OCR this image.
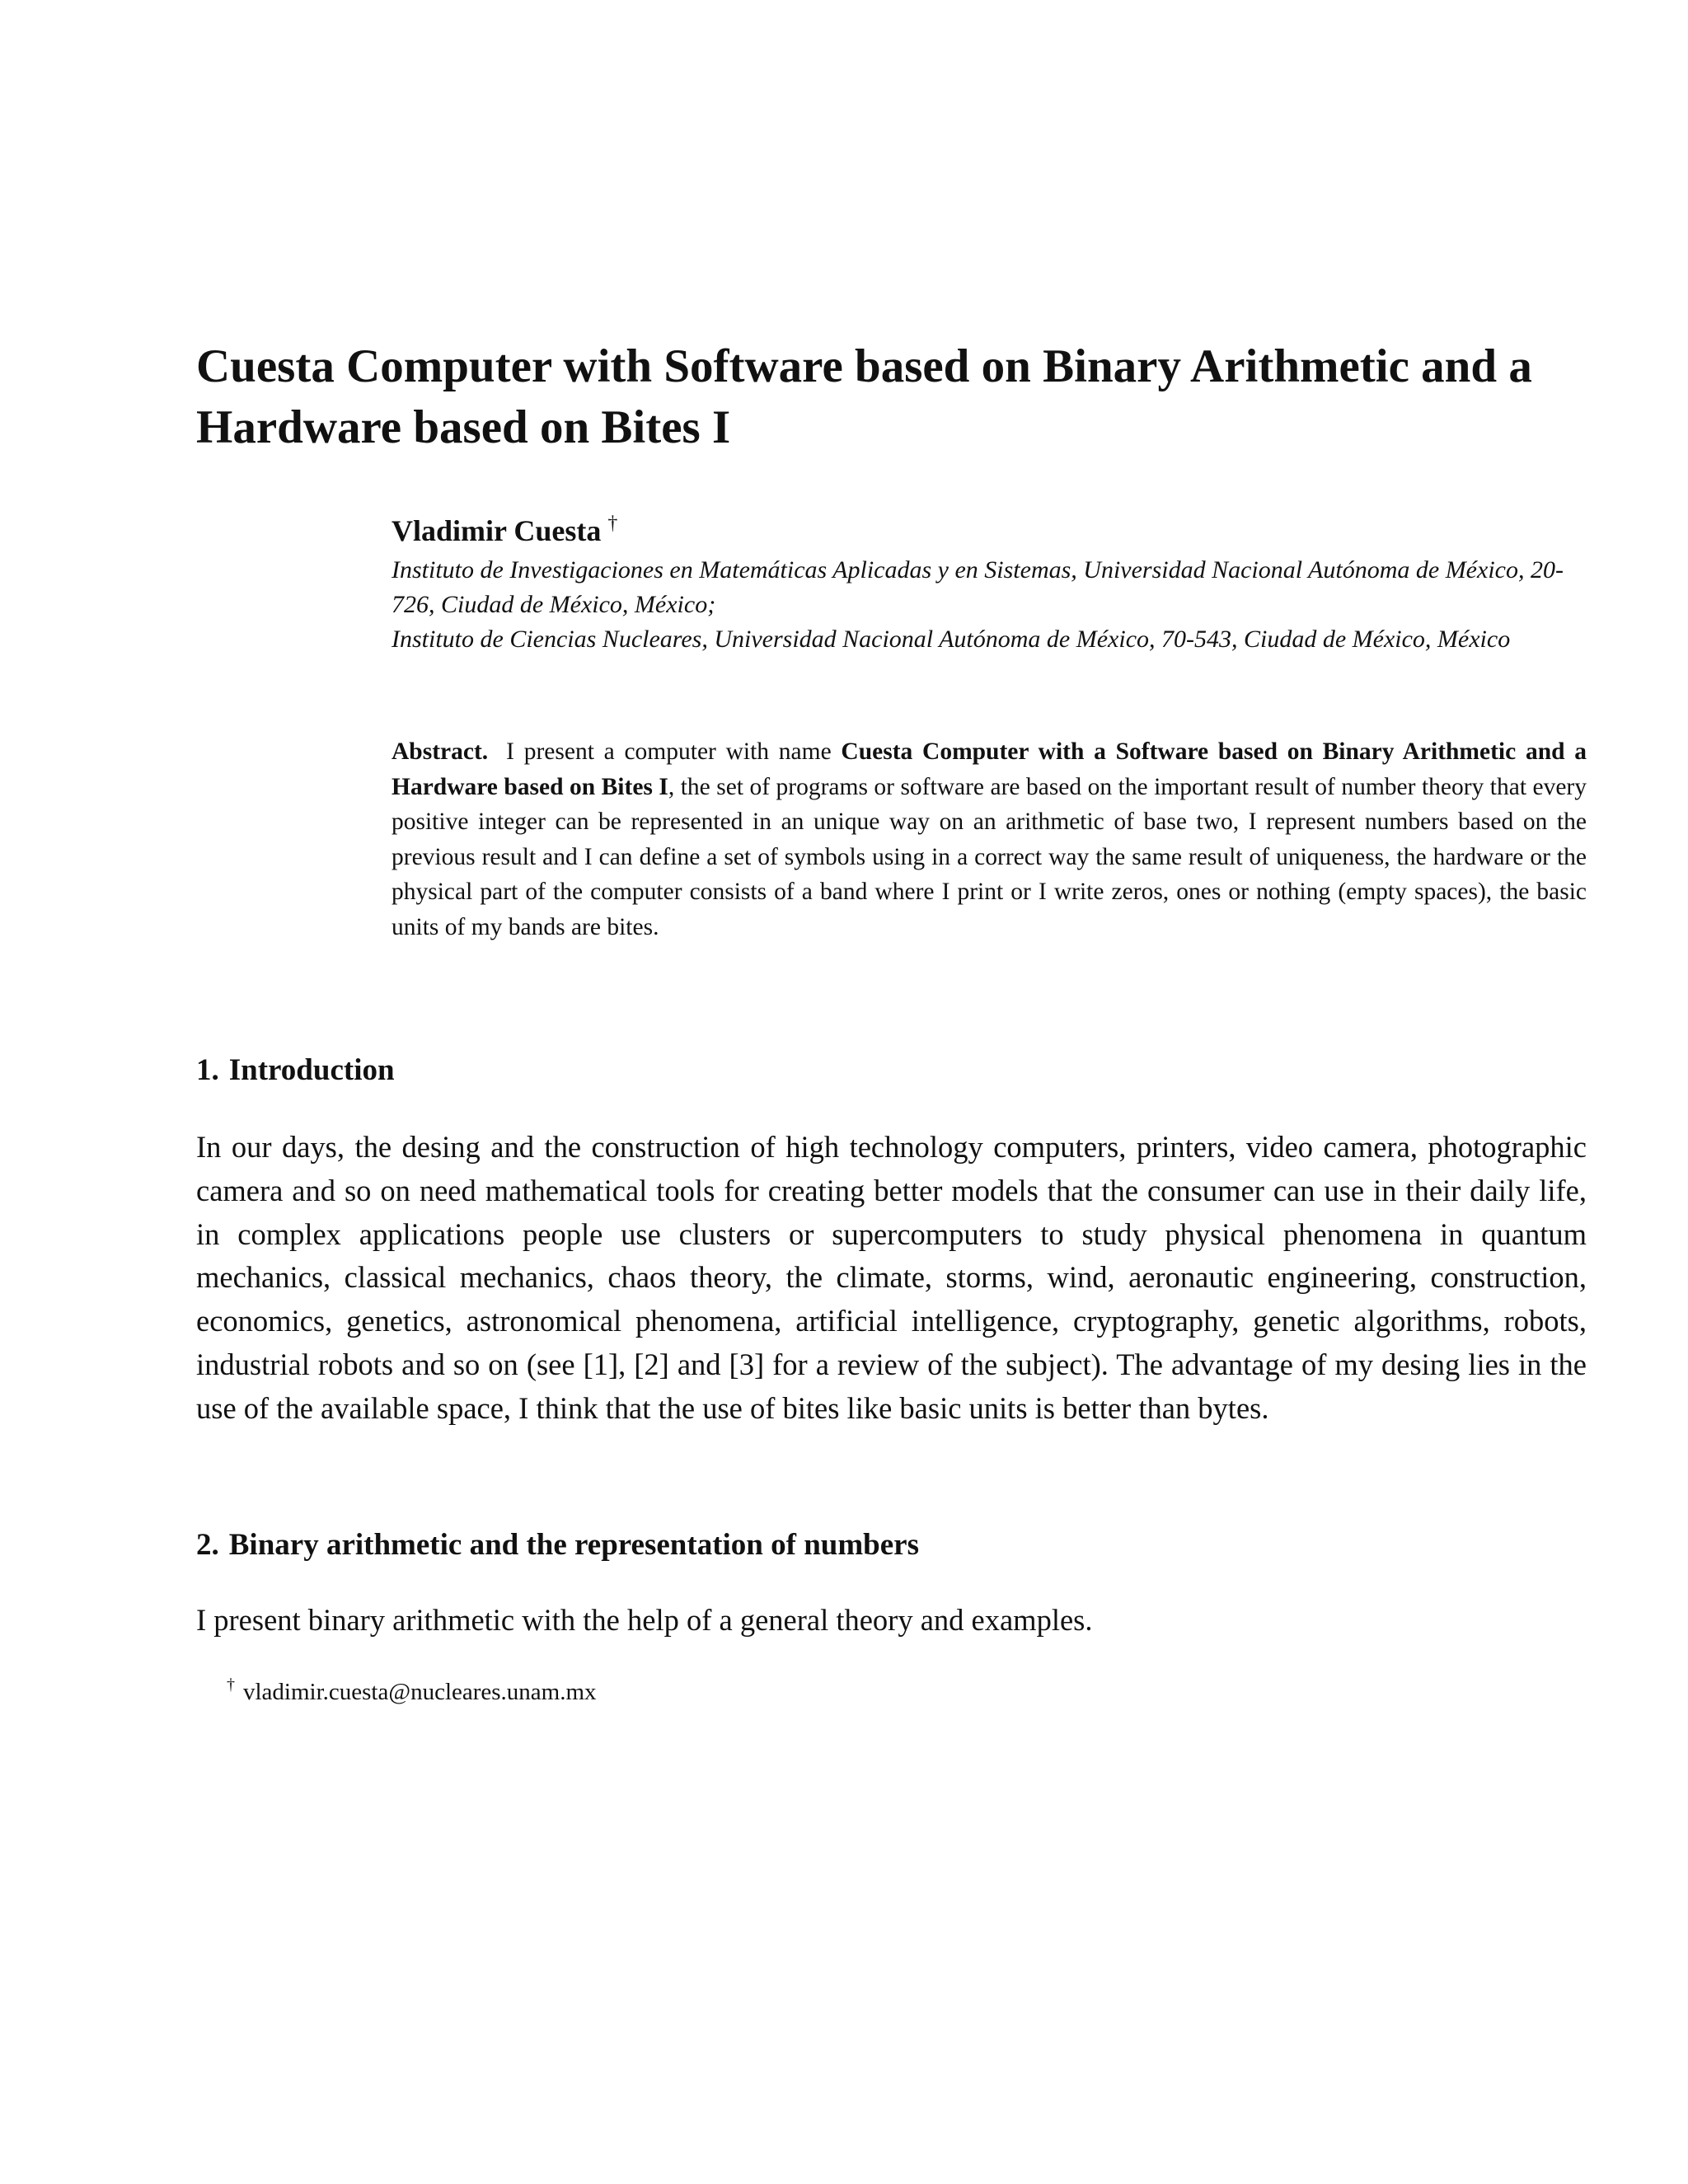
Cuesta Computer with Software based on Binary Arithmetic and a Hardware based on Bites I

Vladimir Cuesta †

Instituto de Investigaciones en Matemáticas Aplicadas y en Sistemas, Universidad Nacional Autónoma de México, 20-726, Ciudad de México, México;

Instituto de Ciencias Nucleares, Universidad Nacional Autónoma de México, 70-543, Ciudad de México, México

Abstract. I present a computer with name Cuesta Computer with a Software based on Binary Arithmetic and a Hardware based on Bites I, the set of programs or software are based on the important result of number theory that every positive integer can be represented in an unique way on an arithmetic of base two, I represent numbers based on the previous result and I can define a set of symbols using in a correct way the same result of uniqueness, the hardware or the physical part of the computer consists of a band where I print or I write zeros, ones or nothing (empty spaces), the basic units of my bands are bites.

1. Introduction

In our days, the desing and the construction of high technology computers, printers, video camera, photographic camera and so on need mathematical tools for creating better models that the consumer can use in their daily life, in complex applications people use clusters or supercomputers to study physical phenomena in quantum mechanics, classical mechanics, chaos theory, the climate, storms, wind, aeronautic engineering, construction, economics, genetics, astronomical phenomena, artificial intelligence, cryptography, genetic algorithms, robots, industrial robots and so on (see [1], [2] and [3] for a review of the subject). The advantage of my desing lies in the use of the available space, I think that the use of bites like basic units is better than bytes.

2. Binary arithmetic and the representation of numbers

I present binary arithmetic with the help of a general theory and examples.

† vladimir.cuesta@nucleares.unam.mx
